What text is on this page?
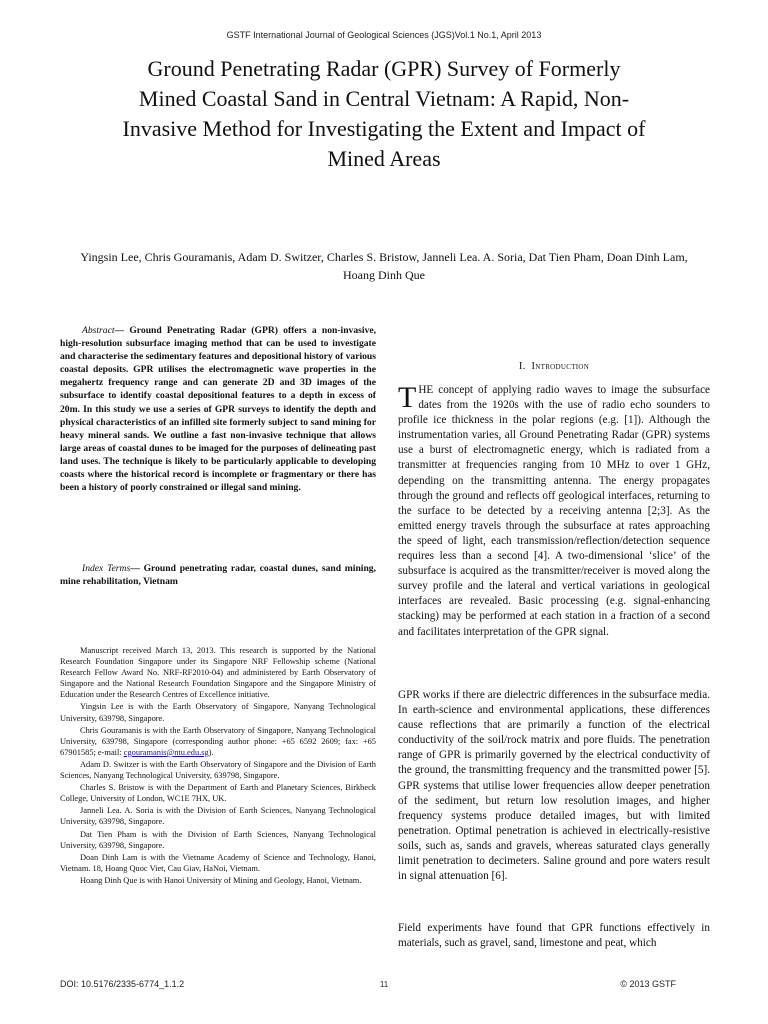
GSTF International Journal of Geological Sciences (JGS)Vol.1 No.1, April 2013
Ground Penetrating Radar (GPR) Survey of Formerly Mined Coastal Sand in Central Vietnam: A Rapid, Non-Invasive Method for Investigating the Extent and Impact of Mined Areas
Yingsin Lee, Chris Gouramanis, Adam D. Switzer, Charles S. Bristow, Janneli Lea. A. Soria, Dat Tien Pham, Doan Dinh Lam, Hoang Dinh Que

Abstract— Ground Penetrating Radar (GPR) offers a non-invasive, high-resolution subsurface imaging method that can be used to investigate and characterise the sedimentary features and depositional history of various coastal deposits. GPR utilises the electromagnetic wave properties in the megahertz frequency range and can generate 2D and 3D images of the subsurface to identify coastal depositional features to a depth in excess of 20m. In this study we use a series of GPR surveys to identify the depth and physical characteristics of an infilled site formerly subject to sand mining for heavy mineral sands. We outline a fast non-invasive technique that allows large areas of coastal dunes to be imaged for the purposes of delineating past land uses. The technique is likely to be particularly applicable to developing coasts where the historical record is incomplete or fragmentary or there has been a history of poorly constrained or illegal sand mining.

Index Terms— Ground penetrating radar, coastal dunes, sand mining, mine rehabilitation, Vietnam

Manuscript received March 13, 2013. This research is supported by the National Research Foundation Singapore under its Singapore NRF Fellowship scheme (National Research Fellow Award No. NRF-RF2010-04) and administered by Earth Observatory of Singapore and the National Research Foundation Singapore and the Singapore Ministry of Education under the Research Centres of Excellence initiative.

Yingsin Lee is with the Earth Observatory of Singapore, Nanyang Technological University, 639798, Singapore.

Chris Gouramanis is with the Earth Observatory of Singapore, Nanyang Technological University, 639798, Singapore (corresponding author phone: +65 6592 2609; fax: +65 67901585; e-mail: cgouramanis@ntu.edu.sg).

Adam D. Switzer is with the Earth Observatory of Singapore and the Division of Earth Sciences, Nanyang Technological University, 639798, Singapore.

Charles S. Bristow is with the Department of Earth and Planetary Sciences, Birkbeck College, University of London, WC1E 7HX, UK.

Janneli Lea. A. Soria is with the Division of Earth Sciences, Nanyang Technological University, 639798, Singapore.

Dat Tien Pham is with the Division of Earth Sciences, Nanyang Technological University, 639798, Singapore.

Doan Dinh Lam is with the Vietname Academy of Science and Technology, Hanoi, Vietnam. 18, Hoang Quoc Viet, Cau Giav, HaNoi, Vietnam.

Hoang Dinh Que is with Hanoi University of Mining and Geology, Hanoi, Vietnam.

I. Introduction

THE concept of applying radio waves to image the subsurface dates from the 1920s with the use of radio echo sounders to profile ice thickness in the polar regions (e.g. [1]). Although the instrumentation varies, all Ground Penetrating Radar (GPR) systems use a burst of electromagnetic energy, which is radiated from a transmitter at frequencies ranging from 10 MHz to over 1 GHz, depending on the transmitting antenna. The energy propagates through the ground and reflects off geological interfaces, returning to the surface to be detected by a receiving antenna [2;3]. As the emitted energy travels through the subsurface at rates approaching the speed of light, each transmission/reflection/detection sequence requires less than a second [4]. A two-dimensional ‘slice’ of the subsurface is acquired as the transmitter/receiver is moved along the survey profile and the lateral and vertical variations in geological interfaces are revealed. Basic processing (e.g. signal-enhancing stacking) may be performed at each station in a fraction of a second and facilitates interpretation of the GPR signal.

GPR works if there are dielectric differences in the subsurface media. In earth-science and environmental applications, these differences cause reflections that are primarily a function of the electrical conductivity of the soil/rock matrix and pore fluids. The penetration range of GPR is primarily governed by the electrical conductivity of the ground, the transmitting frequency and the transmitted power [5]. GPR systems that utilise lower frequencies allow deeper penetration of the sediment, but return low resolution images, and higher frequency systems produce detailed images, but with limited penetration. Optimal penetration is achieved in electrically-resistive soils, such as, sands and gravels, whereas saturated clays generally limit penetration to decimeters. Saline ground and pore waters result in signal attenuation [6].

Field experiments have found that GPR functions effectively in materials, such as gravel, sand, limestone and peat, which

DOI: 10.5176/2335-6774_1.1.2	11	© 2013 GSTF
